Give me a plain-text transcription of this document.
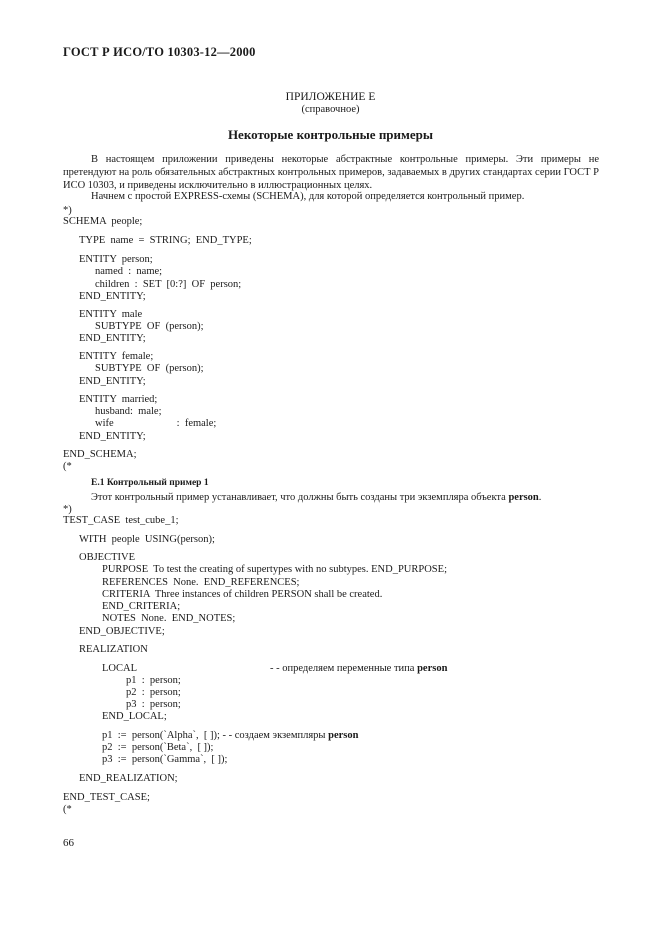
ГОСТ Р ИСО/ТО 10303-12—2000
ПРИЛОЖЕНИЕ Е
(справочное)
Некоторые контрольные примеры
В настоящем приложении приведены некоторые абстрактные контрольные примеры. Эти примеры не претендуют на роль обязательных абстрактных контрольных примеров, задаваемых в других стандартах серии ГОСТ Р ИСО 10303, и приведены исключительно в иллюстрационных целях.
Начнем с простой EXPRESS-схемы (SCHEMA), для которой определяется контрольный пример.
*)
SCHEMA  people;
TYPE  name  =  STRING;  END_TYPE;
ENTITY  person;
named  :  name;
children  :  SET  [0:?]  OF  person;
END_ENTITY;
ENTITY  male
SUBTYPE  OF  (person);
END_ENTITY;
ENTITY  female;
SUBTYPE  OF  (person);
END_ENTITY;
ENTITY  married;
husband:  male;
wife                        :  female;
END_ENTITY;
END_SCHEMA;
(*
Е.1 Контрольный пример 1
Этот контрольный пример устанавливает, что должны быть созданы три экземпляра объекта person.
*)
TEST_CASE  test_cube_1;
WITH  people  USING(person);
OBJECTIVE
PURPOSE  To test the creating of supertypes with no subtypes. END_PURPOSE;
REFERENCES  None.  END_REFERENCES;
CRITERIA  Three instances of children PERSON shall be created.
END_CRITERIA;
NOTES  None.  END_NOTES;
END_OBJECTIVE;
REALIZATION
LOCAL	- - определяем переменные типа person
p1  :  person;
p2  :  person;
p3  :  person;
END_LOCAL;
p1  :=  person(`Alpha`,  [ ]); - - создаем экземпляры person
p2  :=  person(`Beta`,  [ ]);
p3  :=  person(`Gamma`,  [ ]);
END_REALIZATION;
END_TEST_CASE;
(*
66
